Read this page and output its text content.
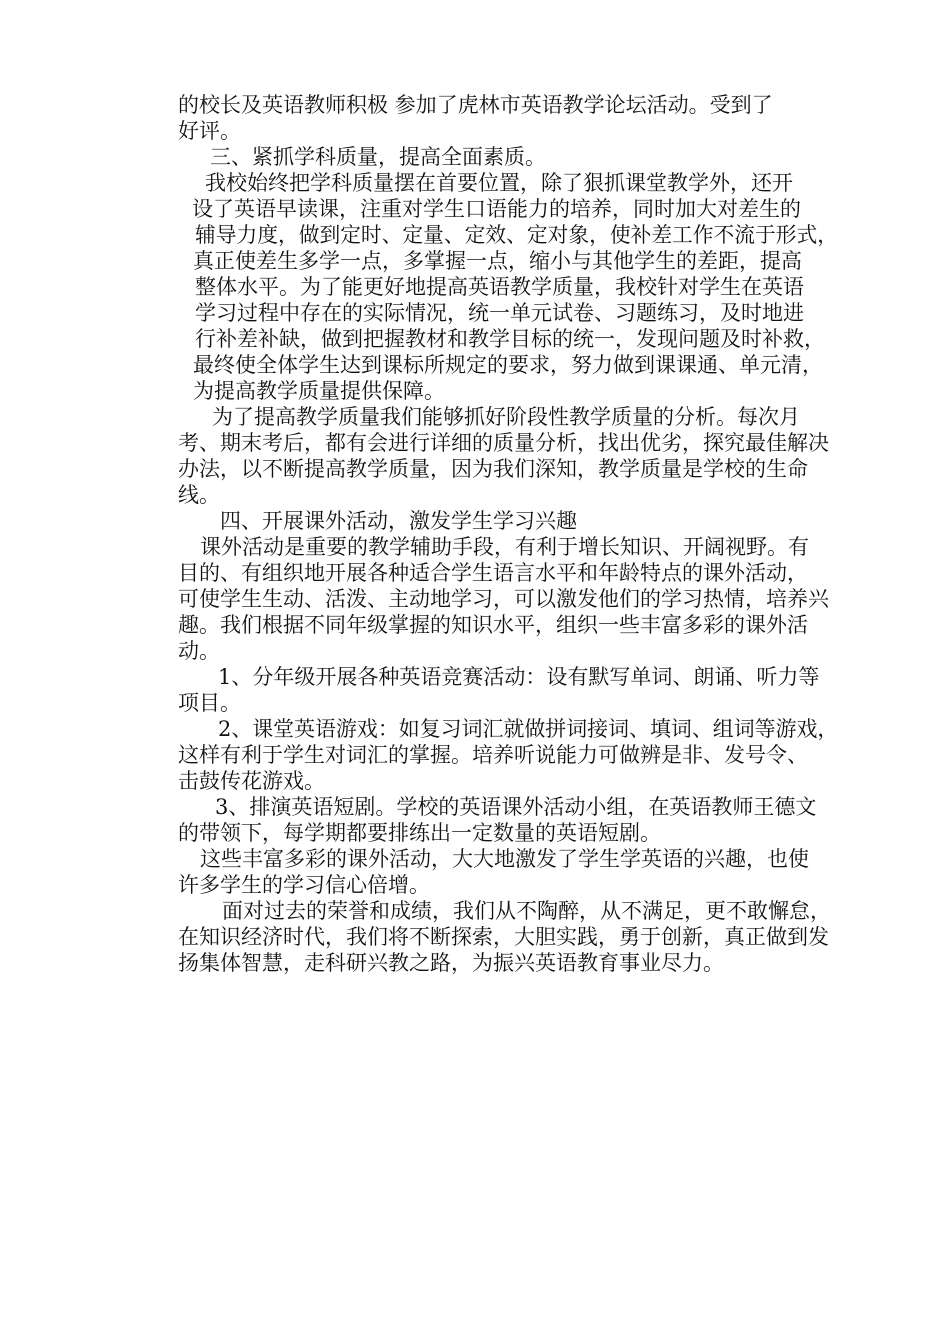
的校长及英语教师积极 参加了虎林市英语教学论坛活动。受到了

好评。

三、紧抓学科质量，提高全面素质。

我校始终把学科质量摆在首要位置，除了狠抓课堂教学外，还开

设了英语早读课，注重对学生口语能力的培养，同时加大对差生的

辅导力度，做到定时、定量、定效、定对象，使补差工作不流于形式，

真正使差生多学一点，多掌握一点，缩小与其他学生的差距，提高

整体水平。为了能更好地提高英语教学质量，我校针对学生在英语

学习过程中存在的实际情况，统一单元试卷、习题练习，及时地进

行补差补缺，做到把握教材和教学目标的统一，发现问题及时补救，

最终使全体学生达到课标所规定的要求，努力做到课课通、单元清，

为提高教学质量提供保障。

为了提高教学质量我们能够抓好阶段性教学质量的分析。每次月

考、期末考后，都有会进行详细的质量分析，找出优劣，探究最佳解决

办法，以不断提高教学质量，因为我们深知，教学质量是学校的生命

线。

四、开展课外活动，激发学生学习兴趣

课外活动是重要的教学辅助手段，有利于增长知识、开阔视野。有

目的、有组织地开展各种适合学生语言水平和年龄特点的课外活动，

可使学生生动、活泼、主动地学习，可以激发他们的学习热情，培养兴

趣。我们根据不同年级掌握的知识水平，组织一些丰富多彩的课外活

动。

1、分年级开展各种英语竞赛活动：设有默写单词、朗诵、听力等

项目。

2、课堂英语游戏：如复习词汇就做拼词接词、填词、组词等游戏，

这样有利于学生对词汇的掌握。培养听说能力可做辨是非、发号令、

击鼓传花游戏。

3、排演英语短剧。学校的英语课外活动小组，在英语教师王德文

的带领下，每学期都要排练出一定数量的英语短剧。

这些丰富多彩的课外活动，大大地激发了学生学英语的兴趣，也使

许多学生的学习信心倍增。

面对过去的荣誉和成绩，我们从不陶醉，从不满足，更不敢懈怠，

在知识经济时代，我们将不断探索，大胆实践，勇于创新，真正做到发

扬集体智慧，走科研兴教之路，为振兴英语教育事业尽力。
